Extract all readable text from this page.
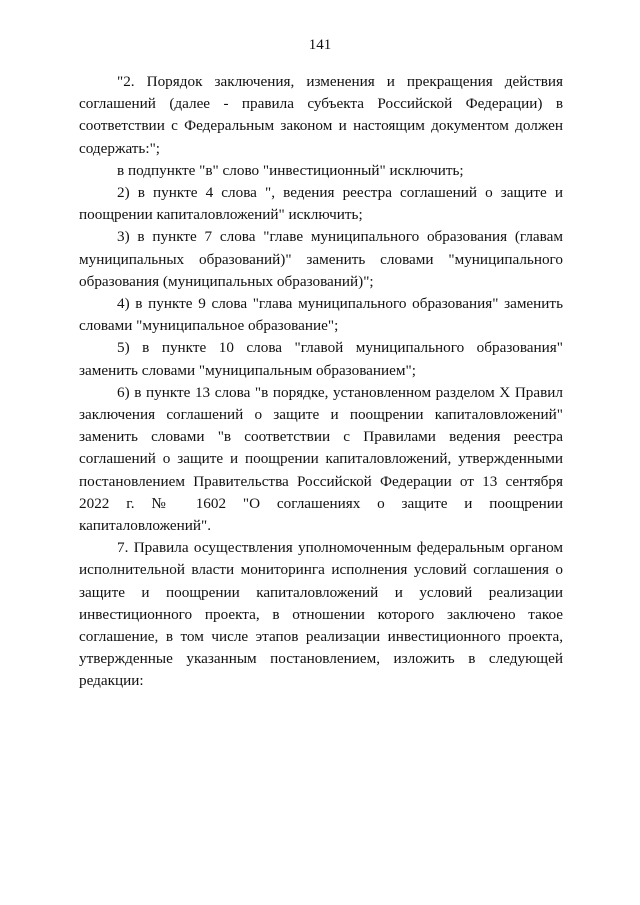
141

"2. Порядок заключения, изменения и прекращения действия соглашений (далее - правила субъекта Российской Федерации) в соответствии с Федеральным законом и настоящим документом должен содержать:";

в подпункте "в" слово "инвестиционный" исключить;

2) в пункте 4 слова ", ведения реестра соглашений о защите и поощрении капиталовложений" исключить;

3) в пункте 7 слова "главе муниципального образования (главам муниципальных образований)" заменить словами "муниципального образования (муниципальных образований)";

4) в пункте 9 слова "глава муниципального образования" заменить словами "муниципальное образование";

5) в пункте 10 слова "главой муниципального образования" заменить словами "муниципальным образованием";

6) в пункте 13 слова "в порядке, установленном разделом X Правил заключения соглашений о защите и поощрении капиталовложений" заменить словами "в соответствии с Правилами ведения реестра соглашений о защите и поощрении капиталовложений, утвержденными постановлением Правительства Российской Федерации от 13 сентября 2022 г. № 1602 "О соглашениях о защите и поощрении капиталовложений".

7. Правила осуществления уполномоченным федеральным органом исполнительной власти мониторинга исполнения условий соглашения о защите и поощрении капиталовложений и условий реализации инвестиционного проекта, в отношении которого заключено такое соглашение, в том числе этапов реализации инвестиционного проекта, утвержденные указанным постановлением, изложить в следующей редакции:
